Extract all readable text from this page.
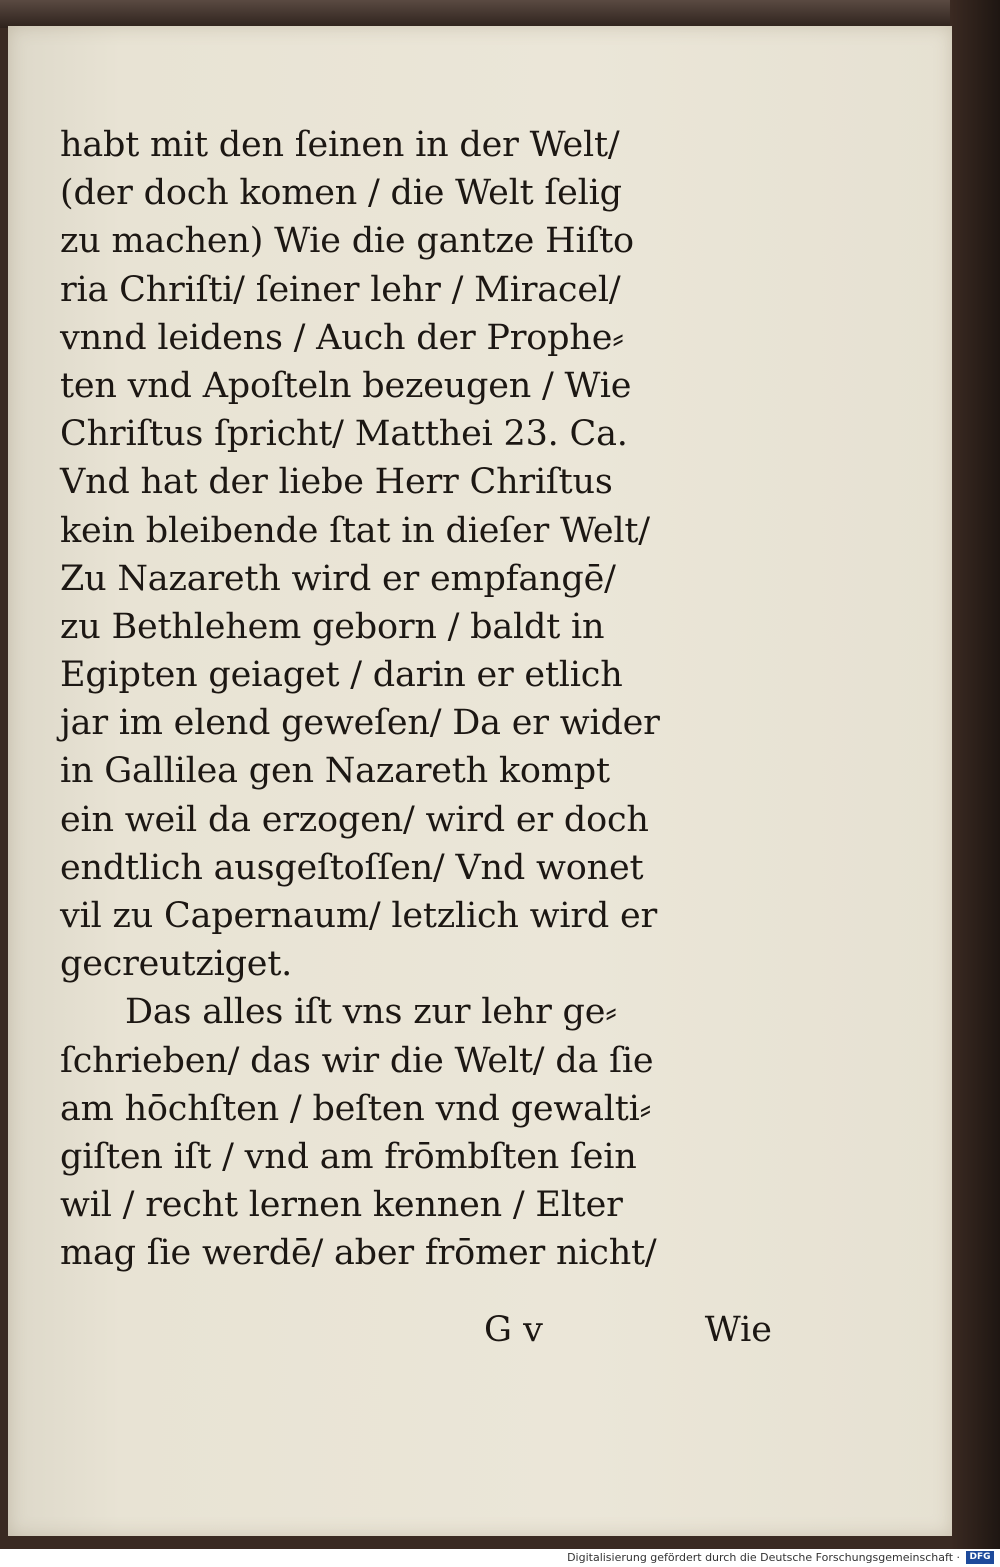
habt mit den ſeinen in der Welt/
(der doch komen / die Welt ſelig
zu machen) Wie die gantze Hiſto
ria Chriſti/ ſeiner lehr / Miracel/
vnnd leidens / Auch der Prophe⸗
ten vnd Apoſteln bezeugen / Wie
Chriſtus ſpricht/ Matthei 23. Ca.
Vnd hat der liebe Herr Chriſtus
kein bleibende ſtat in dieſer Welt/
Zu Nazareth wird er empfangē/
zu Bethlehem geborn / baldt in
Egipten geiaget / darin er etlich
jar im elend geweſen/ Da er wider
in Gallilea gen Nazareth kompt
ein weil da erzogen/ wird er doch
endtlich ausgeſtoſſen/ Vnd wonet
vil zu Capernaum/ letzlich wird er
gecreutziget.
Das alles iſt vns zur lehr ge⸗
ſchrieben/ das wir die Welt/ da ſie
am hōchſten / beſten vnd gewalti⸗
giſten iſt / vnd am frōmbſten ſein
wil / recht lernen kennen / Elter
mag ſie werdē/ aber frōmer nicht/
G v	Wie
Digitalisierung gefördert durch die Deutsche Forschungsgemeinschaft ·	DFG
